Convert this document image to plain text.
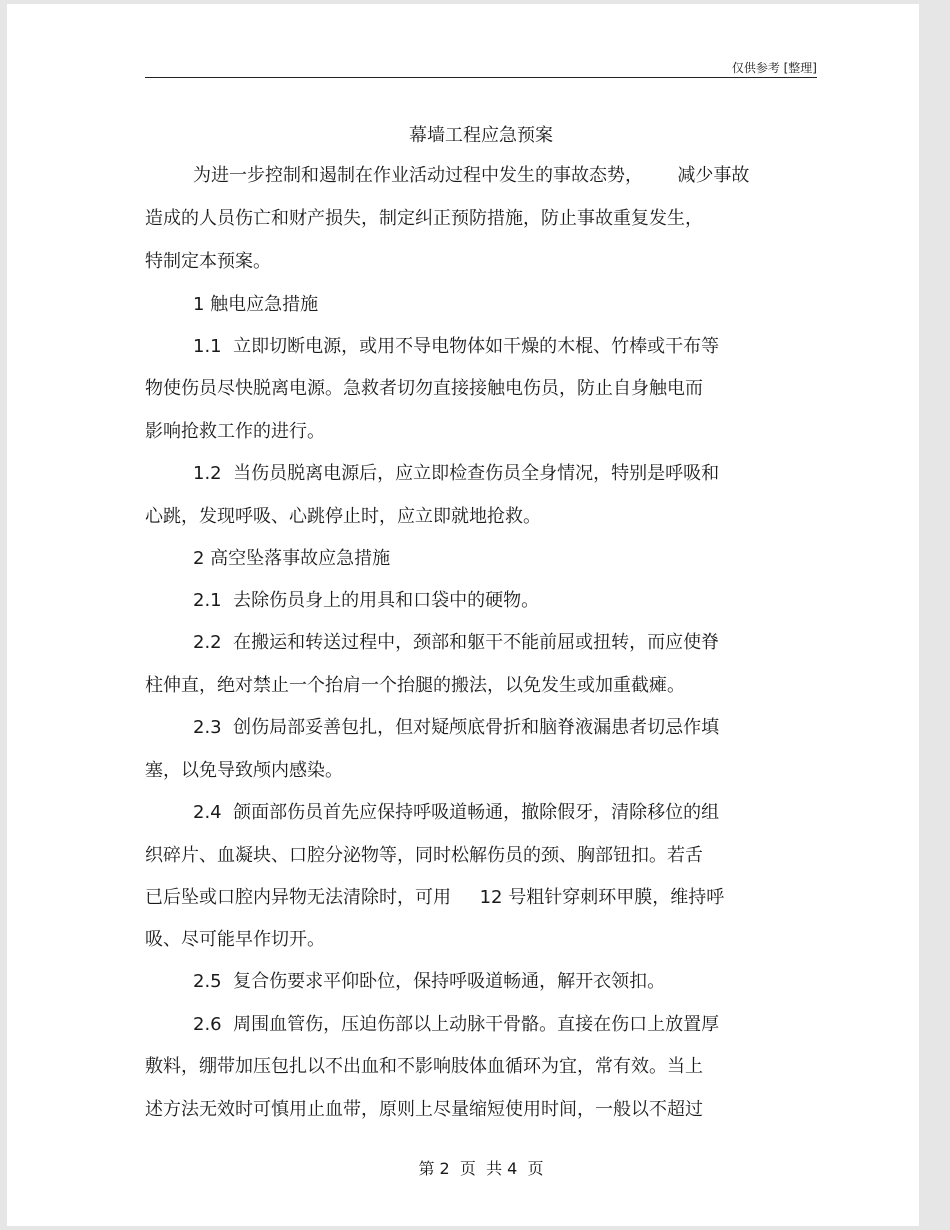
仅供参考 [整理]
幕墙工程应急预案
为进一步控制和遏制在作业活动过程中发生的事故态势，      减少事故
造成的人员伤亡和财产损失，制定纠正预防措施，防止事故重复发生，
特制定本预案。
1 触电应急措施
1.1  立即切断电源，或用不导电物体如干燥的木棍、竹棒或干布等
物使伤员尽快脱离电源。急救者切勿直接接触电伤员，防止自身触电而
影响抢救工作的进行。
1.2  当伤员脱离电源后，应立即检查伤员全身情况，特别是呼吸和
心跳，发现呼吸、心跳停止时，应立即就地抢救。
2 高空坠落事故应急措施
2.1  去除伤员身上的用具和口袋中的硬物。
2.2  在搬运和转送过程中，颈部和躯干不能前屈或扭转，而应使脊
柱伸直，绝对禁止一个抬肩一个抬腿的搬法，以免发生或加重截瘫。
2.3  创伤局部妥善包扎，但对疑颅底骨折和脑脊液漏患者切忌作填
塞，以免导致颅内感染。
2.4  颌面部伤员首先应保持呼吸道畅通，撤除假牙，清除移位的组
织碎片、血凝块、口腔分泌物等，同时松解伤员的颈、胸部钮扣。若舌
已后坠或口腔内异物无法清除时，可用     12 号粗针穿刺环甲膜，维持呼
吸、尽可能早作切开。
2.5  复合伤要求平仰卧位，保持呼吸道畅通，解开衣领扣。
2.6  周围血管伤，压迫伤部以上动脉干骨骼。直接在伤口上放置厚
敷料，绷带加压包扎以不出血和不影响肢体血循环为宜，常有效。当上
述方法无效时可慎用止血带，原则上尽量缩短使用时间，一般以不超过
第 2  页  共 4  页
